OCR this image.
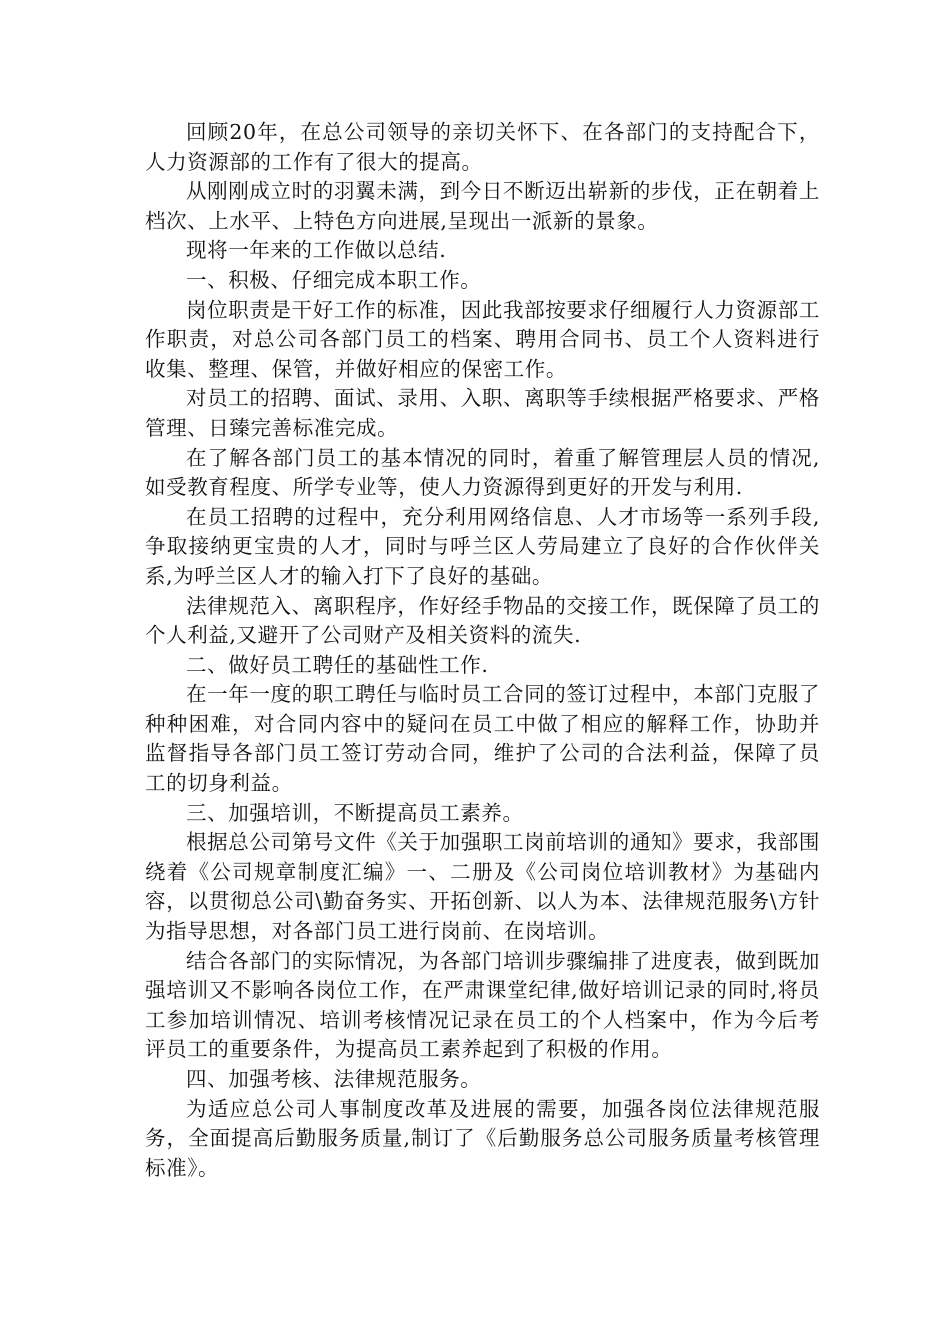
回顾20年，在总公司领导的亲切关怀下、在各部门的支持配合下，人力资源部的工作有了很大的提高。

从刚刚成立时的羽翼未满，到今日不断迈出崭新的步伐，正在朝着上档次、上水平、上特色方向进展,呈现出一派新的景象。

现将一年来的工作做以总结.

一、积极、仔细完成本职工作。

岗位职责是干好工作的标准，因此我部按要求仔细履行人力资源部工作职责，对总公司各部门员工的档案、聘用合同书、员工个人资料进行收集、整理、保管，并做好相应的保密工作。

对员工的招聘、面试、录用、入职、离职等手续根据严格要求、严格管理、日臻完善标准完成。

在了解各部门员工的基本情况的同时，着重了解管理层人员的情况,如受教育程度、所学专业等，使人力资源得到更好的开发与利用.

在员工招聘的过程中，充分利用网络信息、人才市场等一系列手段,争取接纳更宝贵的人才，同时与呼兰区人劳局建立了良好的合作伙伴关系,为呼兰区人才的输入打下了良好的基础。

法律规范入、离职程序，作好经手物品的交接工作，既保障了员工的个人利益,又避开了公司财产及相关资料的流失.

二、做好员工聘任的基础性工作.

在一年一度的职工聘任与临时员工合同的签订过程中，本部门克服了种种困难，对合同内容中的疑问在员工中做了相应的解释工作，协助并监督指导各部门员工签订劳动合同，维护了公司的合法利益，保障了员工的切身利益。

三、加强培训，不断提高员工素养。

根据总公司第号文件《关于加强职工岗前培训的通知》要求，我部围绕着《公司规章制度汇编》一、二册及《公司岗位培训教材》为基础内容，以贯彻总公司\勤奋务实、开拓创新、以人为本、法律规范服务\方针为指导思想，对各部门员工进行岗前、在岗培训。

结合各部门的实际情况，为各部门培训步骤编排了进度表，做到既加强培训又不影响各岗位工作，在严肃课堂纪律,做好培训记录的同时,将员工参加培训情况、培训考核情况记录在员工的个人档案中，作为今后考评员工的重要条件，为提高员工素养起到了积极的作用。

四、加强考核、法律规范服务。

为适应总公司人事制度改革及进展的需要，加强各岗位法律规范服务，全面提高后勤服务质量,制订了《后勤服务总公司服务质量考核管理标准》。
